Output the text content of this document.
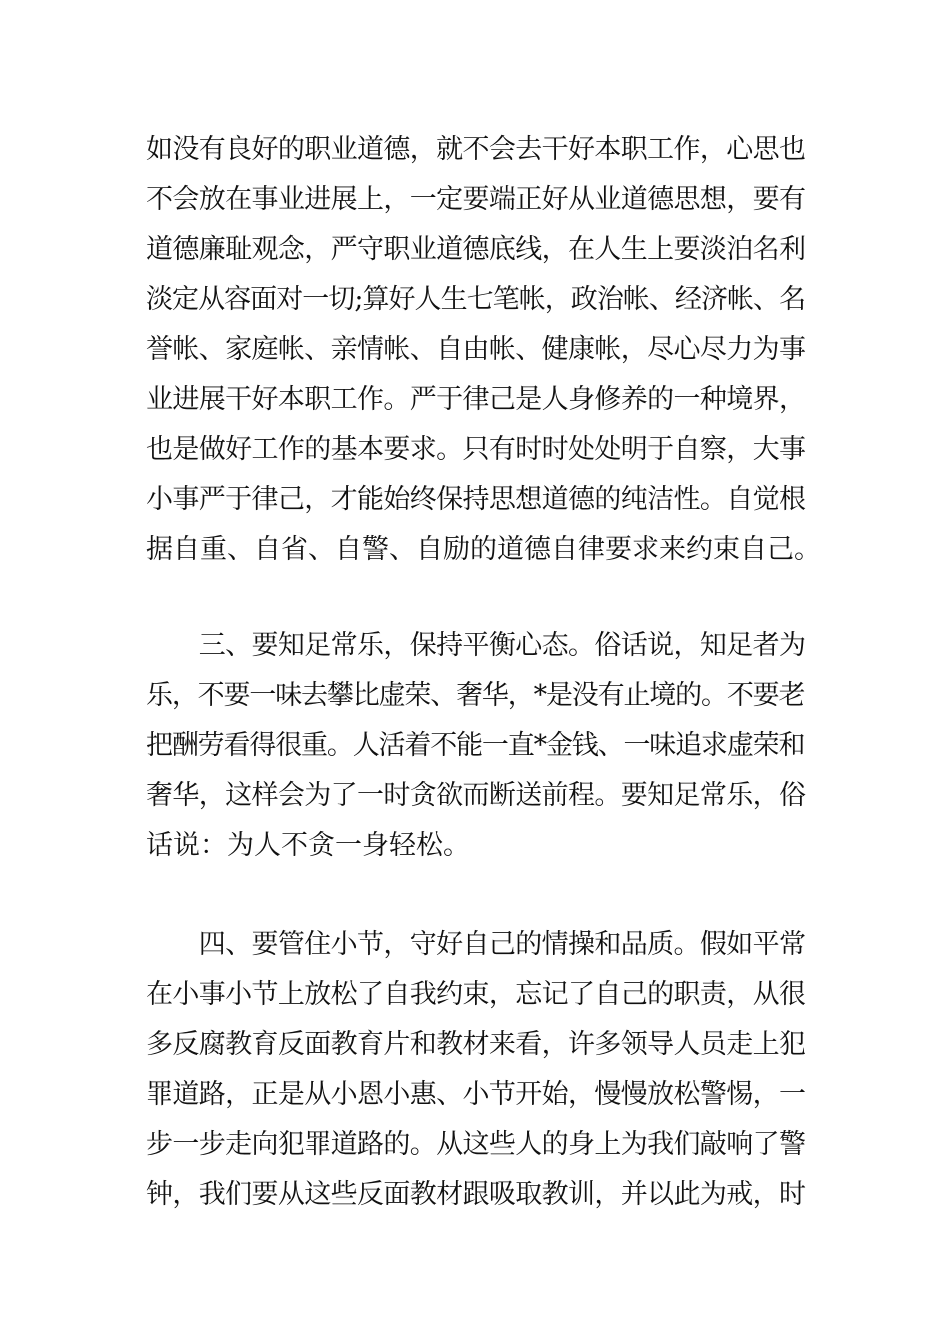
如没有良好的职业道德，就不会去干好本职工作，心思也
不会放在事业进展上，一定要端正好从业道德思想，要有
道德廉耻观念，严守职业道德底线，在人生上要淡泊名利
淡定从容面对一切;算好人生七笔帐，政治帐、经济帐、名
誉帐、家庭帐、亲情帐、自由帐、健康帐，尽心尽力为事
业进展干好本职工作。严于律己是人身修养的一种境界，
也是做好工作的基本要求。只有时时处处明于自察，大事
小事严于律己，才能始终保持思想道德的纯洁性。自觉根
据自重、自省、自警、自励的道德自律要求来约束自己。
　　三、要知足常乐，保持平衡心态。俗话说，知足者为
乐，不要一味去攀比虚荣、奢华，*是没有止境的。不要老
把酬劳看得很重。人活着不能一直*金钱、一味追求虚荣和
奢华，这样会为了一时贪欲而断送前程。要知足常乐，俗
话说：为人不贪一身轻松。
　　四、要管住小节，守好自己的情操和品质。假如平常
在小事小节上放松了自我约束，忘记了自己的职责，从很
多反腐教育反面教育片和教材来看，许多领导人员走上犯
罪道路，正是从小恩小惠、小节开始，慢慢放松警惕，一
步一步走向犯罪道路的。从这些人的身上为我们敲响了警
钟，我们要从这些反面教材跟吸取教训，并以此为戒，时
